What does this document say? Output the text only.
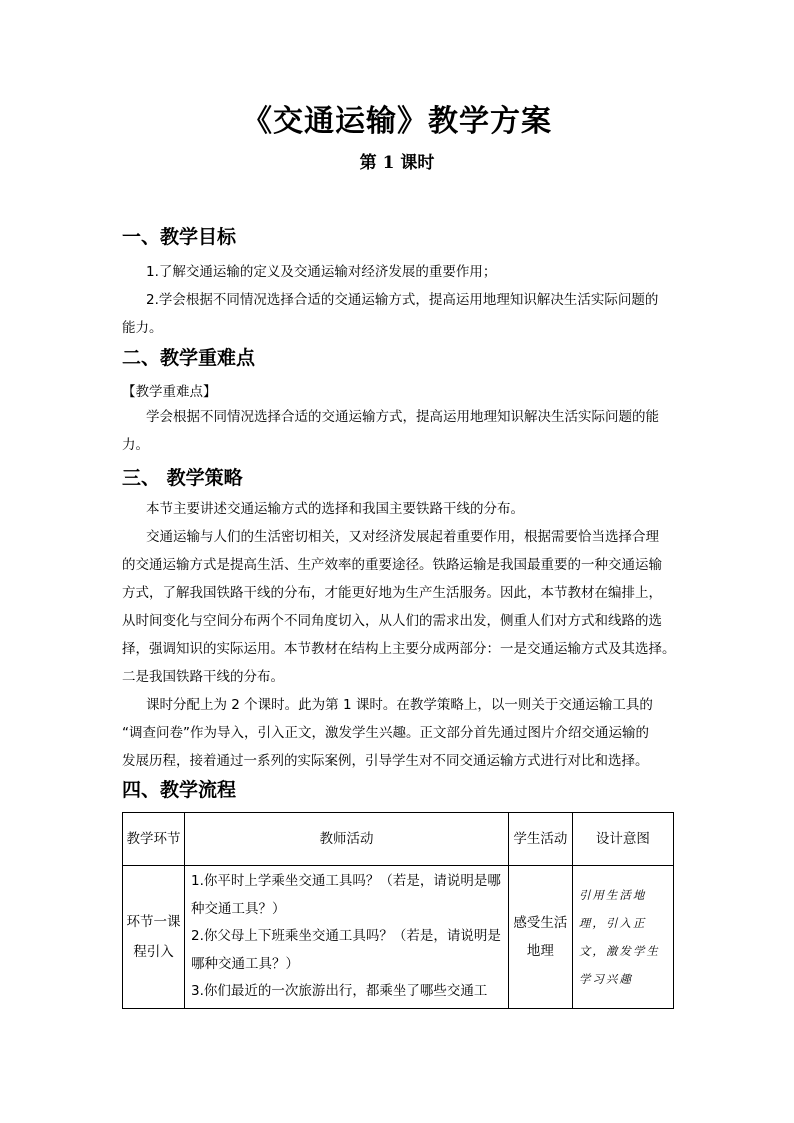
《交通运输》教学方案
第 1 课时
一、教学目标
1.了解交通运输的定义及交通运输对经济发展的重要作用；
2.学会根据不同情况选择合适的交通运输方式，提高运用地理知识解决生活实际问题的
能力。
二、教学重难点
【教学重难点】
学会根据不同情况选择合适的交通运输方式，提高运用地理知识解决生活实际问题的能
力。
三、 教学策略
本节主要讲述交通运输方式的选择和我国主要铁路干线的分布。
交通运输与人们的生活密切相关，又对经济发展起着重要作用，根据需要恰当选择合理
的交通运输方式是提高生活、生产效率的重要途径。铁路运输是我国最重要的一种交通运输
方式，了解我国铁路干线的分布，才能更好地为生产生活服务。因此，本节教材在编排上，
从时间变化与空间分布两个不同角度切入，从人们的需求出发，侧重人们对方式和线路的选
择，强调知识的实际运用。本节教材在结构上主要分成两部分：一是交通运输方式及其选择。
二是我国铁路干线的分布。
课时分配上为 2 个课时。此为第 1 课时。在教学策略上，以一则关于交通运输工具的
“调查问卷”作为导入，引入正文，激发学生兴趣。正文部分首先通过图片介绍交通运输的
发展历程，接着通过一系列的实际案例，引导学生对不同交通运输方式进行对比和选择。
四、教学流程
教学环节	教师活动	学生活动	设计意图
环节一课程引入	1.你平时上学乘坐交通工具吗？（若是，请说明是哪
种交通工具？）
2.你父母上下班乘坐交通工具吗？（若是，请说明是
哪种交通工具？）
3.你们最近的一次旅游出行，都乘坐了哪些交通工	感受生活地理	引用生活地理，引入正文，激发学生学习兴趣
